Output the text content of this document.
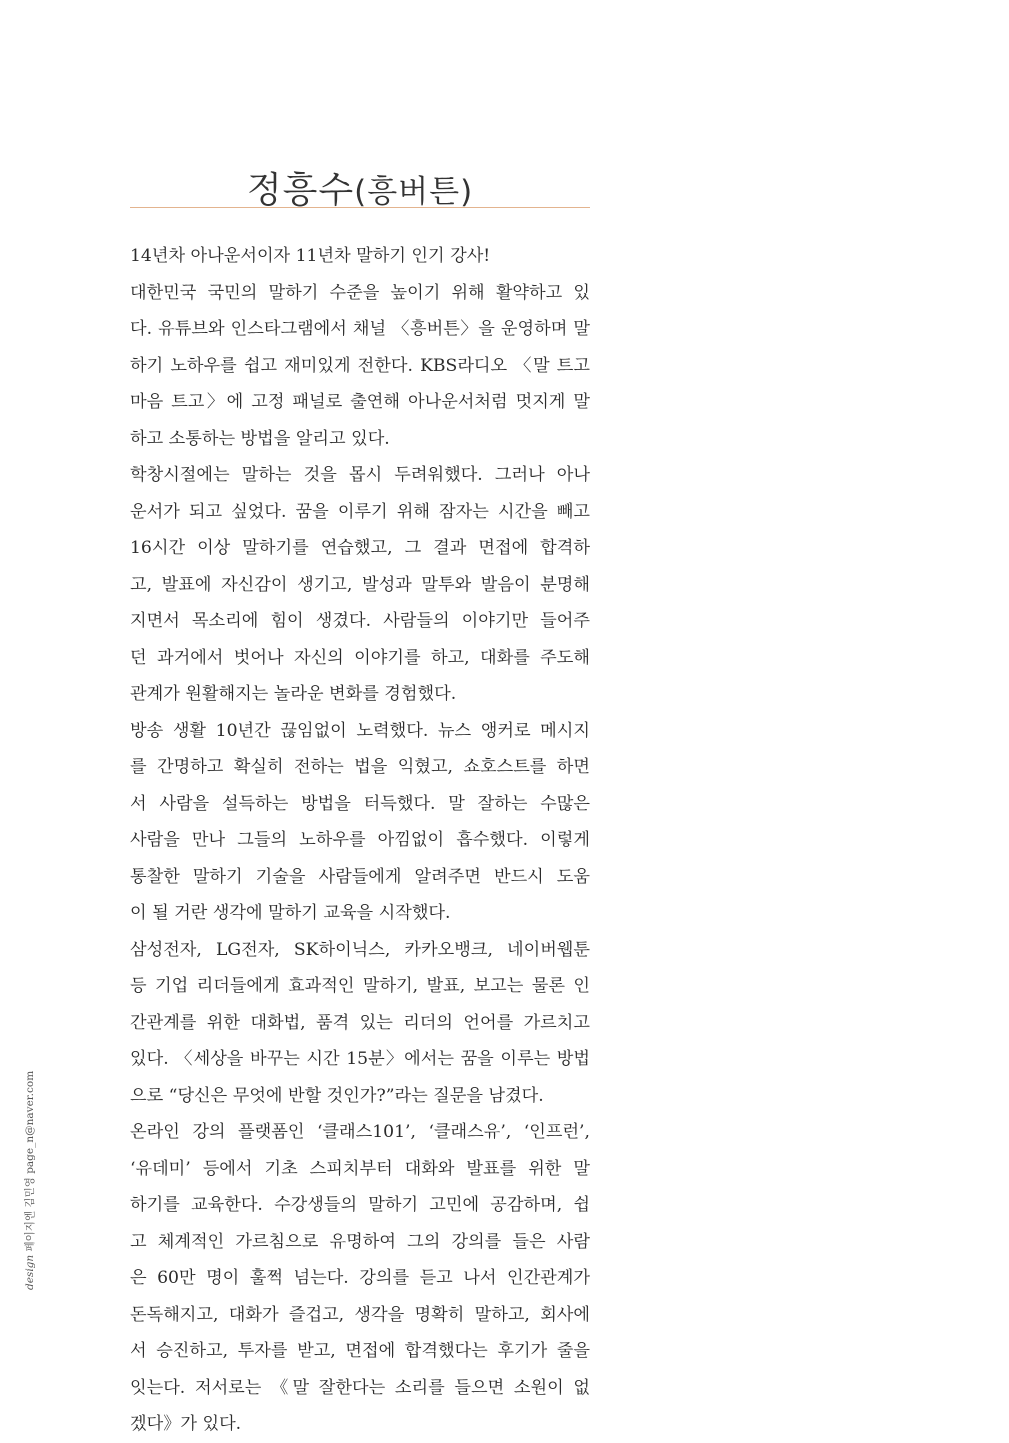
정흥수(흥버튼)
14년차 아나운서이자 11년차 말하기 인기 강사!
대한민국 국민의 말하기 수준을 높이기 위해 활약하고 있
다. 유튜브와 인스타그램에서 채널 〈흥버튼〉을 운영하며 말
하기 노하우를 쉽고 재미있게 전한다. KBS라디오 〈말 트고
마음 트고〉에 고정 패널로 출연해 아나운서처럼 멋지게 말
하고 소통하는 방법을 알리고 있다.
학창시절에는 말하는 것을 몹시 두려워했다. 그러나 아나
운서가 되고 싶었다. 꿈을 이루기 위해 잠자는 시간을 빼고
16시간 이상 말하기를 연습했고, 그 결과 면접에 합격하
고, 발표에 자신감이 생기고, 발성과 말투와 발음이 분명해
지면서 목소리에 힘이 생겼다. 사람들의 이야기만 들어주
던 과거에서 벗어나 자신의 이야기를 하고, 대화를 주도해
관계가 원활해지는 놀라운 변화를 경험했다.
방송 생활 10년간 끊임없이 노력했다. 뉴스 앵커로 메시지
를 간명하고 확실히 전하는 법을 익혔고, 쇼호스트를 하면
서 사람을 설득하는 방법을 터득했다. 말 잘하는 수많은
사람을 만나 그들의 노하우를 아낌없이 흡수했다. 이렇게
통찰한 말하기 기술을 사람들에게 알려주면 반드시 도움
이 될 거란 생각에 말하기 교육을 시작했다.
삼성전자, LG전자, SK하이닉스, 카카오뱅크, 네이버웹툰
등 기업 리더들에게 효과적인 말하기, 발표, 보고는 물론 인
간관계를 위한 대화법, 품격 있는 리더의 언어를 가르치고
있다. 〈세상을 바꾸는 시간 15분〉에서는 꿈을 이루는 방법
으로 “당신은 무엇에 반할 것인가?”라는 질문을 남겼다.
온라인 강의 플랫폼인 ‘클래스101’, ‘클래스유’, ‘인프런’,
‘유데미’ 등에서 기초 스피치부터 대화와 발표를 위한 말
하기를 교육한다. 수강생들의 말하기 고민에 공감하며, 쉽
고 체계적인 가르침으로 유명하여 그의 강의를 들은 사람
은 60만 명이 훌쩍 넘는다. 강의를 듣고 나서 인간관계가
돈독해지고, 대화가 즐겁고, 생각을 명확히 말하고, 회사에
서 승진하고, 투자를 받고, 면접에 합격했다는 후기가 줄을
잇는다. 저서로는 《말 잘한다는 소리를 들으면 소원이 없
겠다》가 있다.
design 페이지엔 김민영 page_n@naver.com
